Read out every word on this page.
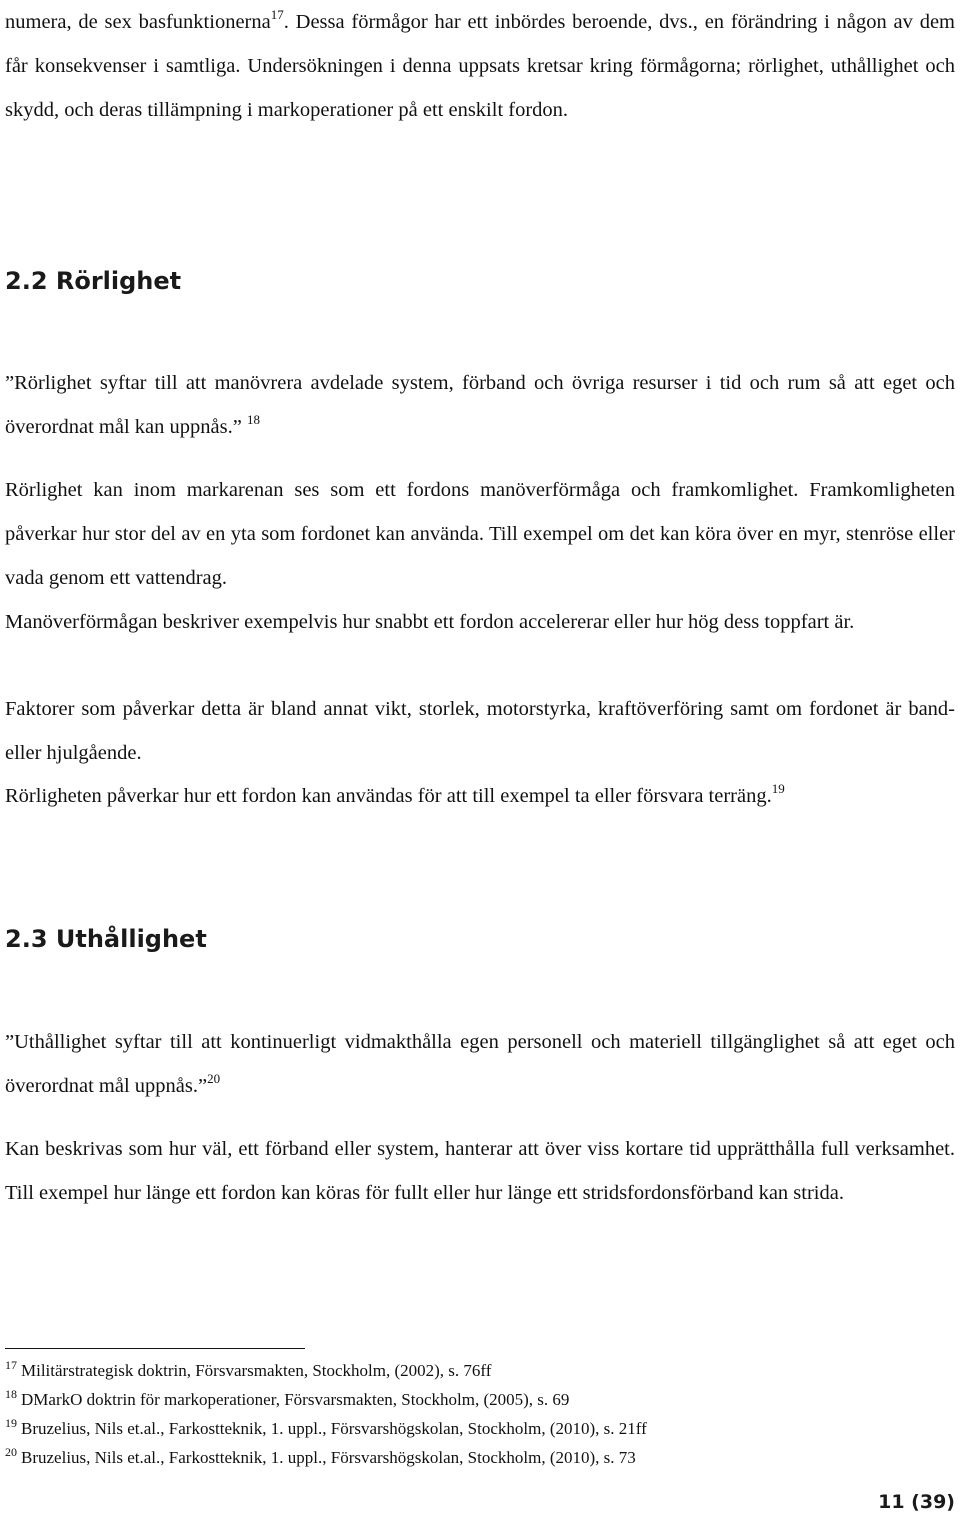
numera, de sex basfunktionerna$^{17}$. Dessa förmågor har ett inbördes beroende, dvs., en förändring i någon av dem får konsekvenser i samtliga. Undersökningen i denna uppsats kretsar kring förmågorna; rörlighet, uthållighet och skydd, och deras tillämpning i markoperationer på ett enskilt fordon.

2.2 Rörlighet

”Rörlighet syftar till att manövrera avdelade system, förband och övriga resurser i tid och rum så att eget och överordnat mål kan uppnås.” $^{18}$

Rörlighet kan inom markarenan ses som ett fordons manöverförmåga och framkomlighet. Framkomligheten påverkar hur stor del av en yta som fordonet kan använda. Till exempel om det kan köra över en myr, stenröse eller vada genom ett vattendrag.

Manöverförmågan beskriver exempelvis hur snabbt ett fordon accelererar eller hur hög dess toppfart är.

Faktorer som påverkar detta är bland annat vikt, storlek, motorstyrka, kraftöverföring samt om fordonet är band- eller hjulgående.

Rörligheten påverkar hur ett fordon kan användas för att till exempel ta eller försvara terräng.$^{19}$

2.3 Uthållighet

”Uthållighet syftar till att kontinuerligt vidmakthålla egen personell och materiell tillgänglighet så att eget och överordnat mål uppnås.”$^{20}$

Kan beskrivas som hur väl, ett förband eller system, hanterar att över viss kortare tid upprätthålla full verksamhet. Till exempel hur länge ett fordon kan köras för fullt eller hur länge ett stridsfordonsförband kan strida.

$^{17}$ Militärstrategisk doktrin, Försvarsmakten, Stockholm, (2002), s. 76ff

$^{18}$ DMarkO doktrin för markoperationer, Försvarsmakten, Stockholm, (2005), s. 69

$^{19}$ Bruzelius, Nils et.al., Farkostteknik, 1. uppl., Försvarshögskolan, Stockholm, (2010), s. 21ff

$^{20}$ Bruzelius, Nils et.al., Farkostteknik, 1. uppl., Försvarshögskolan, Stockholm, (2010), s. 73

11 (39)
